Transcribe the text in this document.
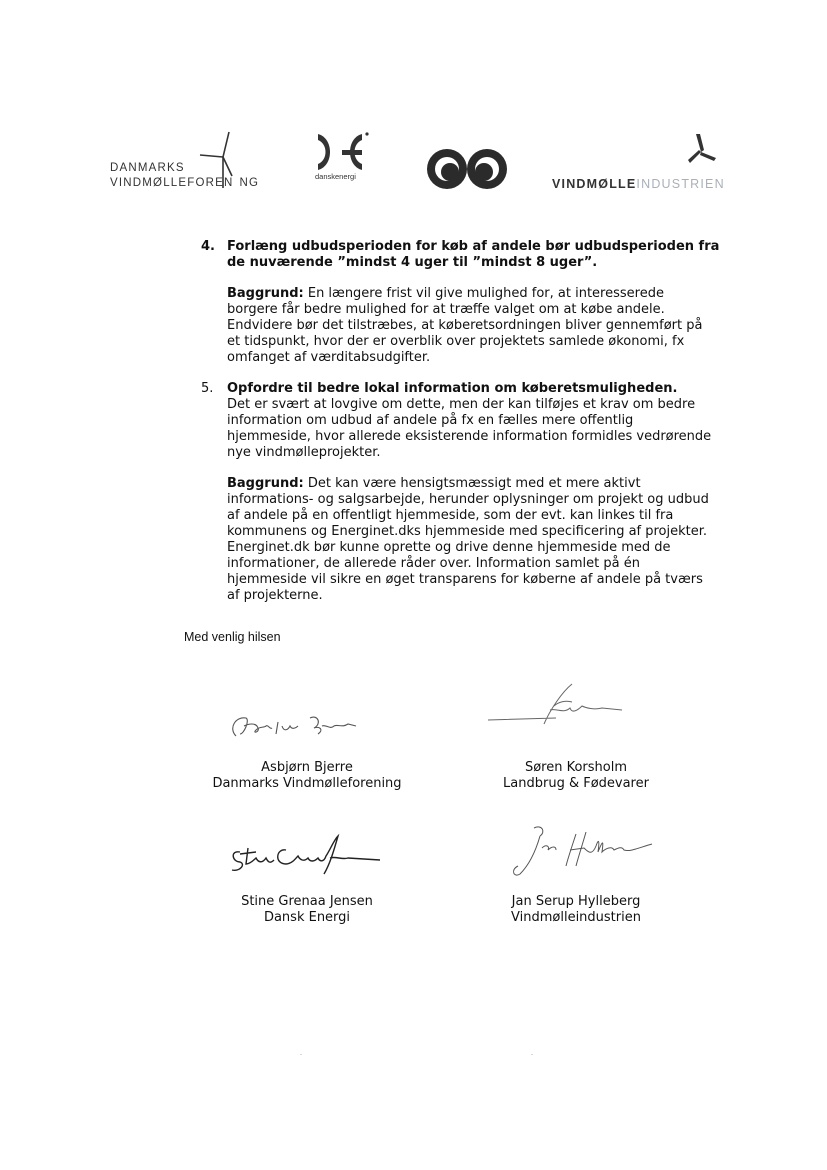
DANMARKS
VINDMØLLEFOREN NG
danskenergi
VINDMØLLEINDUSTRIEN
4. Forlæng udbudsperioden for køb af andele bør udbudsperioden fra
de nuværende ”mindst 4 uger til ”mindst 8 uger”.
Baggrund: En længere frist vil give mulighed for, at interesserede
borgere får bedre mulighed for at træffe valget om at købe andele.
Endvidere bør det tilstræbes, at køberetsordningen bliver gennemført på
et tidspunkt, hvor der er overblik over projektets samlede økonomi, fx
omfanget af værditabsudgifter.
5. Opfordre til bedre lokal information om køberetsmuligheden.
Det er svært at lovgive om dette, men der kan tilføjes et krav om bedre
information om udbud af andele på fx en fælles mere offentlig
hjemmeside, hvor allerede eksisterende information formidles vedrørende
nye vindmølleprojekter.
Baggrund: Det kan være hensigtsmæssigt med et mere aktivt
informations- og salgsarbejde, herunder oplysninger om projekt og udbud
af andele på en offentligt hjemmeside, som der evt. kan linkes til fra
kommunens og Energinet.dks hjemmeside med specificering af projekter.
Energinet.dk bør kunne oprette og drive denne hjemmeside med de
informationer, de allerede råder over. Information samlet på én
hjemmeside vil sikre en øget transparens for køberne af andele på tværs
af projekterne.
Med venlig hilsen
Asbjørn Bjerre
Danmarks Vindmølleforening
Søren Korsholm
Landbrug & Fødevarer
Stine Grenaa Jensen
Dansk Energi
Jan Serup Hylleberg
Vindmølleindustrien
